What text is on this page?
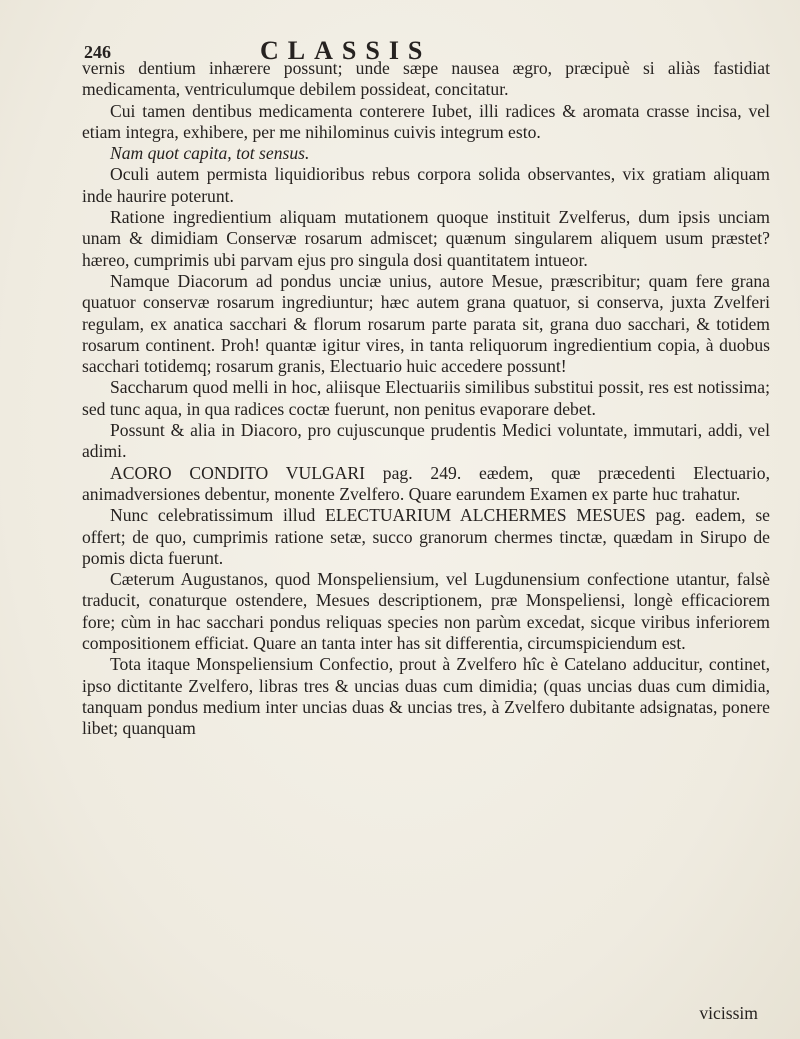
246	CLASSIS

vernis dentium inhærere possunt; unde sæpe nausea ægro, præcipuè si aliàs fastidiat medicamenta, ventriculumque debilem possideat, concitatur.

Cui tamen dentibus medicamenta conterere Iubet, illi radices & aromata crasse incisa, vel etiam integra, exhibere, per me nihilominus cuivis integrum esto.

Nam quot capita, tot sensus.

Oculi autem permista liquidioribus rebus corpora solida observantes, vix gratiam aliquam inde haurire poterunt.

Ratione ingredientium aliquam mutationem quoque instituit Zvelferus, dum ipsis unciam unam & dimidiam Conservæ rosarum admiscet; quænum singularem aliquem usum præstet? hæreo, cumprimis ubi parvam ejus pro singula dosi quantitatem intueor.

Namque Diacorum ad pondus unciæ unius, autore Mesue, præscribitur; quam fere grana quatuor conservæ rosarum ingrediuntur; hæc autem grana quatuor, si conserva, juxta Zvelferi regulam, ex anatica sacchari & florum rosarum parte parata sit, grana duo sacchari, & totidem rosarum continent. Proh! quantæ igitur vires, in tanta reliquorum ingredientium copia, à duobus sacchari totidemq; rosarum granis, Electuario huic accedere possunt!

Saccharum quod melli in hoc, aliisque Electuariis similibus substitui possit, res est notissima; sed tunc aqua, in qua radices coctæ fuerunt, non penitus evaporare debet.

Possunt & alia in Diacoro, pro cujuscunque prudentis Medici voluntate, immutari, addi, vel adimi.

ACORO CONDITO VULGARI pag. 249. eædem, quæ præcedenti Electuario, animadversiones debentur, monente Zvelfero. Quare earundem Examen ex parte huc trahatur.

Nunc celebratissimum illud ELECTUARIUM ALCHERMES MESUES pag. eadem, se offert; de quo, cumprimis ratione setæ, succo granorum chermes tinctæ, quædam in Sirupo de pomis dicta fuerunt.

Cæterum Augustanos, quod Monspeliensium, vel Lugdunensium confectione utantur, falsè traducit, conaturque ostendere, Mesues descriptionem, præ Monspeliensi, longè efficaciorem fore; cùm in hac sacchari pondus reliquas species non parùm excedat, sicque viribus inferiorem compositionem efficiat. Quare an tanta inter has sit differentia, circumspiciendum est.

Tota itaque Monspeliensium Confectio, prout à Zvelfero hîc è Catelano adducitur, continet, ipso dictitante Zvelfero, libras tres & uncias duas cum dimidia; (quas uncias duas cum dimidia, tanquam pondus medium inter uncias duas & uncias tres, à Zvelfero dubitante adsignatas, ponere libet; quanquam

vicissim
